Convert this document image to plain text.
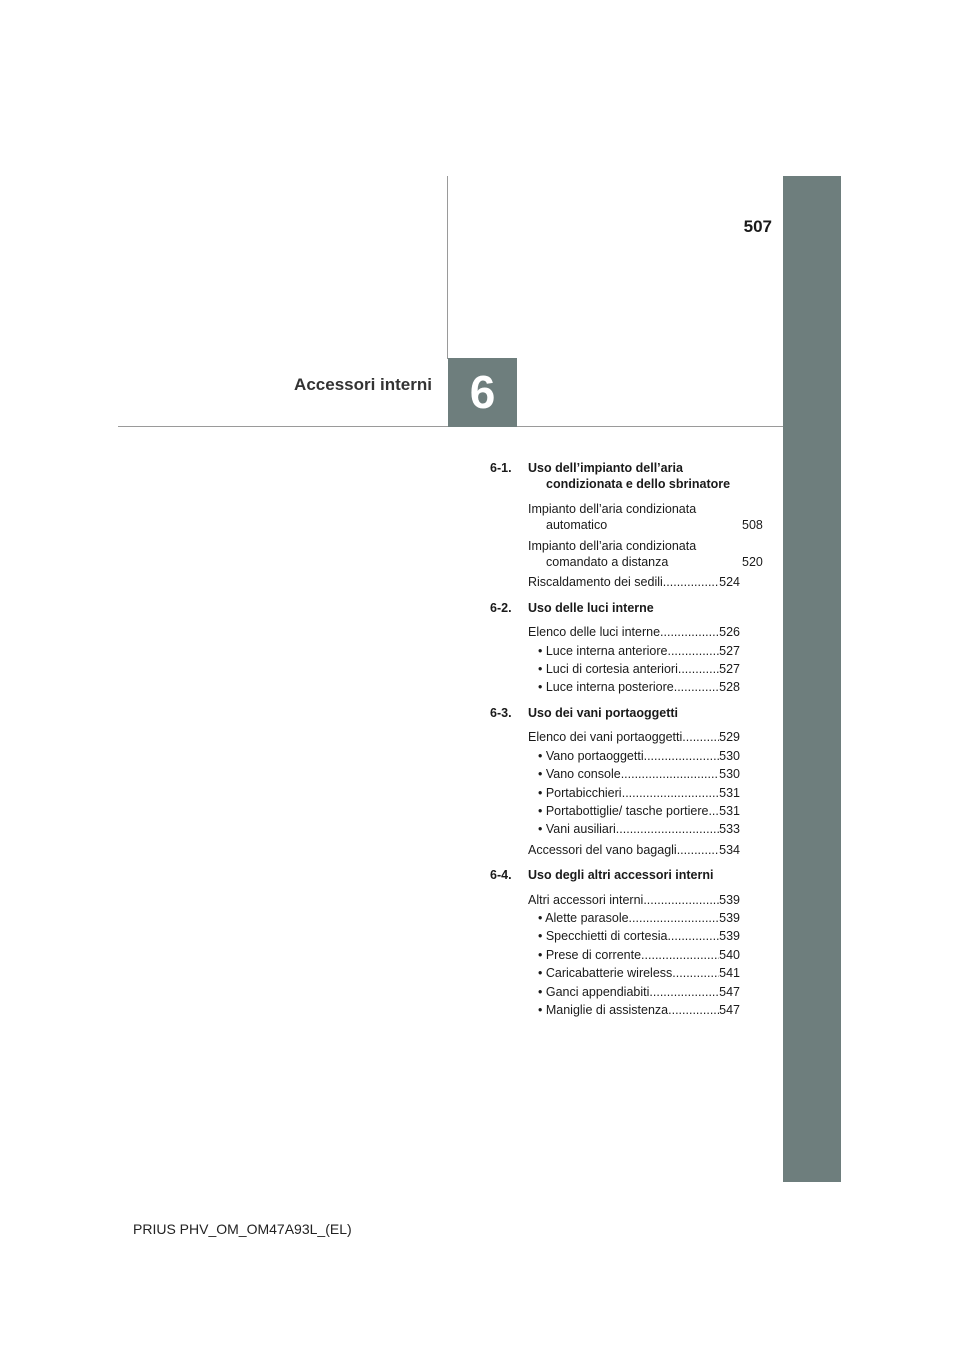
507
Accessori interni 6
6-1.	Uso dell’impianto dell’aria condizionata e dello sbrinatore
Impianto dell’aria condizionata automatico	508
Impianto dell’aria condizionata comandato a distanza	520
Riscaldamento dei sedili .....	524
6-2.	Uso delle luci interne
Elenco delle luci interne .....	526
• Luce interna anteriore .....	527
• Luci di cortesia anteriori .....	527
• Luce interna posteriore .....	528
6-3.	Uso dei vani portaoggetti
Elenco dei vani portaoggetti .....	529
• Vano portaoggetti .....	530
• Vano console .....	530
• Portabicchieri .....	531
• Portabottiglie/ tasche portiere ..... 531
• Vani ausiliari .....	533
Accessori del vano bagagli .....	534
6-4.	Uso degli altri accessori interni
Altri accessori interni .....	539
• Alette parasole .....	539
• Specchietti di cortesia .....	539
• Prese di corrente .....	540
• Caricabatterie wireless .....	541
• Ganci appendiabiti .....	547
• Maniglie di assistenza .....	547
PRIUS PHV_OM_OM47A93L_(EL)
